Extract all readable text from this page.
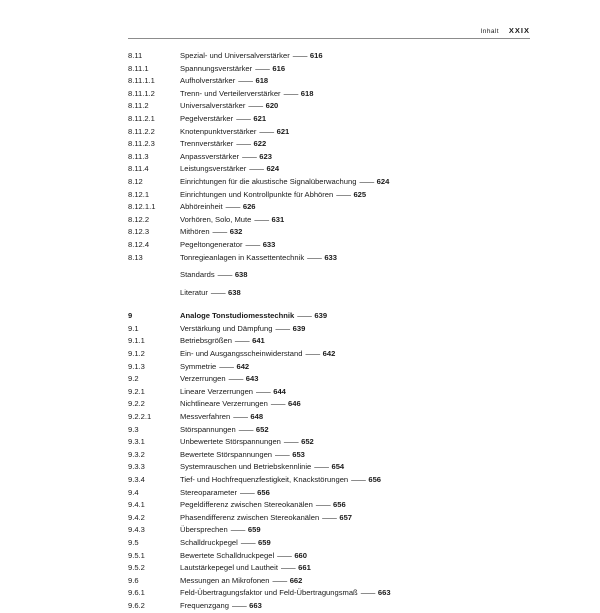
Inhalt XXIX
8.11	Spezial- und Universalverstärker —— 616
8.11.1	Spannungsverstärker —— 616
8.11.1.1	Aufholverstärker —— 618
8.11.1.2	Trenn- und Verteilerverstärker —— 618
8.11.2	Universalverstärker —— 620
8.11.2.1	Pegelverstärker —— 621
8.11.2.2	Knotenpunktverstärker —— 621
8.11.2.3	Trennverstärker —— 622
8.11.3	Anpassverstärker —— 623
8.11.4	Leistungsverstärker —— 624
8.12	Einrichtungen für die akustische Signalüberwachung —— 624
8.12.1	Einrichtungen und Kontrollpunkte für Abhören —— 625
8.12.1.1	Abhöreinheit —— 626
8.12.2	Vorhören, Solo, Mute —— 631
8.12.3	Mithören —— 632
8.12.4	Pegeltongenerator —— 633
8.13	Tonregieanlagen in Kassettentechnik —— 633
Standards —— 638
Literatur —— 638
9	Analoge Tonstudiomesstechnik —— 639
9.1	Verstärkung und Dämpfung —— 639
9.1.1	Betriebsgrößen —— 641
9.1.2	Ein- und Ausgangsscheinwiderstand —— 642
9.1.3	Symmetrie —— 642
9.2	Verzerrungen —— 643
9.2.1	Lineare Verzerrungen —— 644
9.2.2	Nichtlineare Verzerrungen —— 646
9.2.2.1	Messverfahren —— 648
9.3	Störspannungen —— 652
9.3.1	Unbewertete Störspannungen —— 652
9.3.2	Bewertete Störspannungen —— 653
9.3.3	Systemrauschen und Betriebskennlinie —— 654
9.3.4	Tief- und Hochfrequenzfestigkeit, Knackstörungen —— 656
9.4	Stereoparameter —— 656
9.4.1	Pegeldifferenz zwischen Stereokanälen —— 656
9.4.2	Phasendifferenz zwischen Stereokanälen —— 657
9.4.3	Übersprechen —— 659
9.5	Schalldruckpegel —— 659
9.5.1	Bewertete Schalldruckpegel —— 660
9.5.2	Lautstärkepegel und Lautheit —— 661
9.6	Messungen an Mikrofonen —— 662
9.6.1	Feld-Übertragungsfaktor und Feld-Übertragungsmaß —— 663
9.6.2	Frequenzgang —— 663
